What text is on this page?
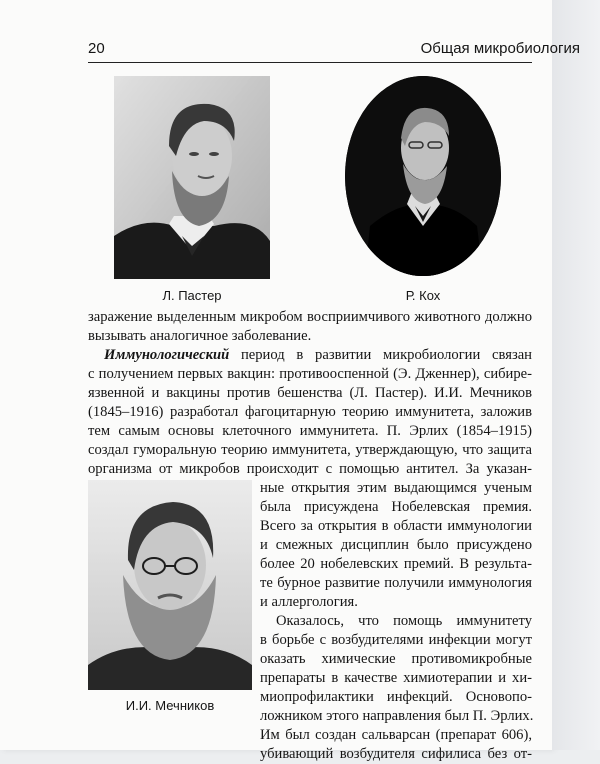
20	Общая микробиология
Л. Пастер	Р. Кох
И.И. Мечников
заражение выделенным микробом восприимчивого животного должно
вызывать аналогичное заболевание.
Иммунологический период в развитии микробиологии связан
с получением первых вакцин: противооспенной (Э. Дженнер), сибире-
язвенной и вакцины против бешенства (Л. Пастер). И.И. Мечников
(1845–1916) разработал фагоцитарную теорию иммунитета, заложив
тем самым основы клеточного иммунитета. П. Эрлих (1854–1915)
создал гуморальную теорию иммунитета, утверждающую, что защита
организма от микробов происходит с помощью антител. За указан-
ные открытия этим выдающимся ученым
была присуждена Нобелевская премия.
Всего за открытия в области иммунологии
и смежных дисциплин было присуждено
более 20 нобелевских премий. В результа-
те бурное развитие получили иммунология
и аллергология.
Оказалось, что помощь иммунитету
в борьбе с возбудителями инфекции могут
оказать химические противомикробные
препараты в качестве химиотерапии и хи-
миопрофилактики инфекций. Основопо-
ложником этого направления был П. Эрлих.
Им был создан сальварсан (препарат 606),
убивающий возбудителя сифилиса без от-
